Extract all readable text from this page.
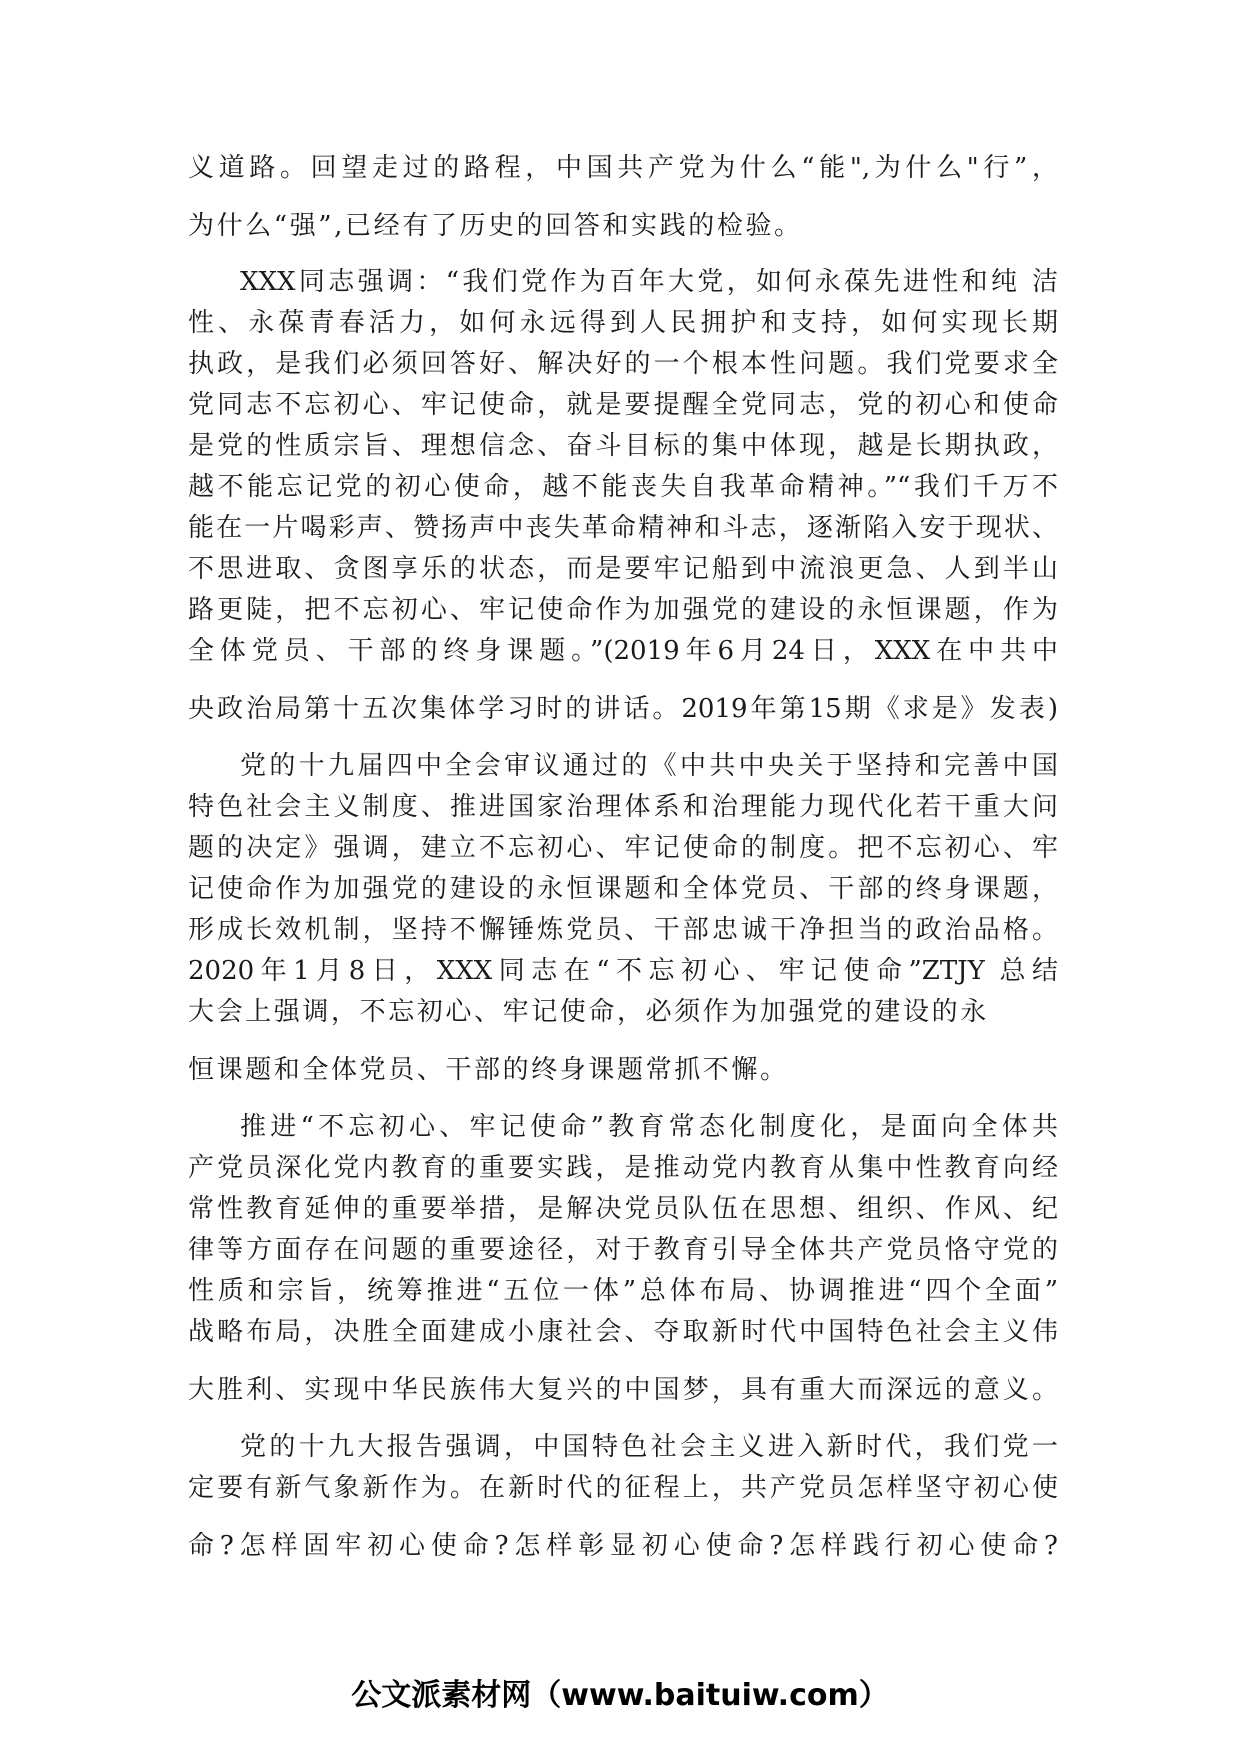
义道路。回望走过的路程，中国共产党为什么“能",为什么"行”，
为什么“强”,已经有了历史的回答和实践的检验。
XXX同志强调：“我们党作为百年大党，如何永葆先进性和纯 洁
性、永葆青春活力，如何永远得到人民拥护和支持，如何实现长期
执政，是我们必须回答好、解决好的一个根本性问题。我们党要求全
党同志不忘初心、牢记使命，就是要提醒全党同志，党的初心和使命
是党的性质宗旨、理想信念、奋斗目标的集中体现，越是长期执政，
越不能忘记党的初心使命，越不能丧失自我革命精神。”“我们千万不
能在一片喝彩声、赞扬声中丧失革命精神和斗志，逐渐陷入安于现状、
不思进取、贪图享乐的状态，而是要牢记船到中流浪更急、人到半山
路更陡，把不忘初心、牢记使命作为加强党的建设的永恒课题，作为
全体党员、干部的终身课题。”(2019年6月24日，XXX在中共中
央政治局第十五次集体学习时的讲话。2019年第15期《求是》发表)
党的十九届四中全会审议通过的《中共中央关于坚持和完善中国
特色社会主义制度、推进国家治理体系和治理能力现代化若干重大问
题的决定》强调，建立不忘初心、牢记使命的制度。把不忘初心、牢
记使命作为加强党的建设的永恒课题和全体党员、干部的终身课题，
形成长效机制，坚持不懈锤炼党员、干部忠诚干净担当的政治品格。
2020年1月8日，XXX同志在“不忘初心、牢记使命”ZTJY 总结
大会上强调，不忘初心、牢记使命，必须作为加强党的建设的永
恒课题和全体党员、干部的终身课题常抓不懈。
推进“不忘初心、牢记使命”教育常态化制度化，是面向全体共
产党员深化党内教育的重要实践，是推动党内教育从集中性教育向经
常性教育延伸的重要举措，是解决党员队伍在思想、组织、作风、纪
律等方面存在问题的重要途径，对于教育引导全体共产党员恪守党的
性质和宗旨，统筹推进“五位一体”总体布局、协调推进“四个全面”
战略布局，决胜全面建成小康社会、夺取新时代中国特色社会主义伟
大胜利、实现中华民族伟大复兴的中国梦，具有重大而深远的意义。
党的十九大报告强调，中国特色社会主义进入新时代，我们党一
定要有新气象新作为。在新时代的征程上，共产党员怎样坚守初心使
命?怎样固牢初心使命?怎样彰显初心使命?怎样践行初心使命?
公文派素材网（www.baituiw.com）
